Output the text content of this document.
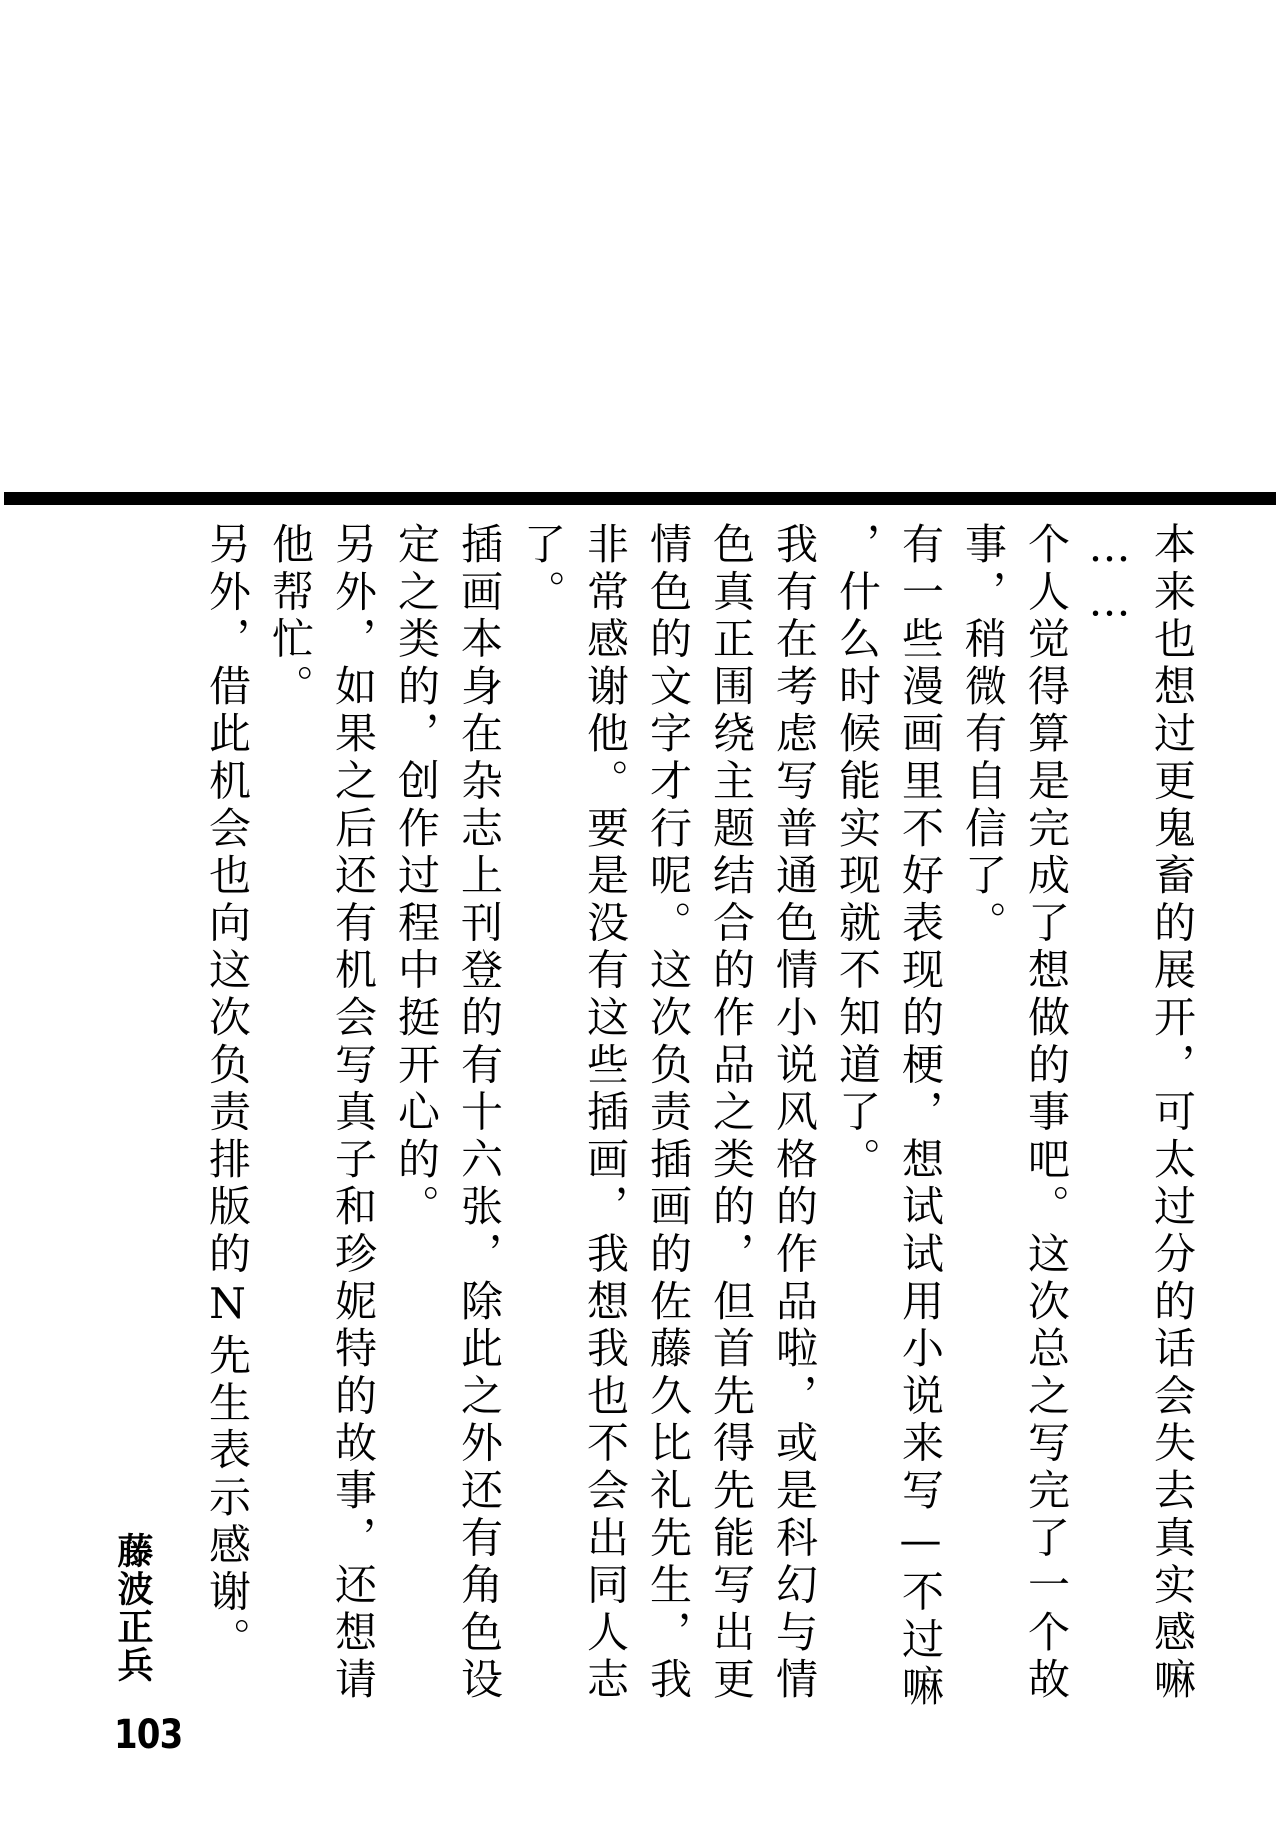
本来也想过更鬼畜的展开，可太过分的话会失去真实感嘛

……

个人觉得算是完成了想做的事吧。这次总之写完了一个故

事，稍微有自信了。

有一些漫画里不好表现的梗，想试试用小说来写—不过嘛

，什么时候能实现就不知道了。

我有在考虑写普通色情小说风格的作品啦，或是科幻与情

色真正围绕主题结合的作品之类的，但首先得先能写出更

情色的文字才行呢。这次负责插画的佐藤久比礼先生，我

非常感谢他。要是没有这些插画，我想我也不会出同人志

了。

插画本身在杂志上刊登的有十六张，除此之外还有角色设

定之类的，创作过程中挺开心的。

另外，如果之后还有机会写真子和珍妮特的故事，还想请

他帮忙。

另外，借此机会也向这次负责排版的N先生表示感谢。

藤波正兵
103
